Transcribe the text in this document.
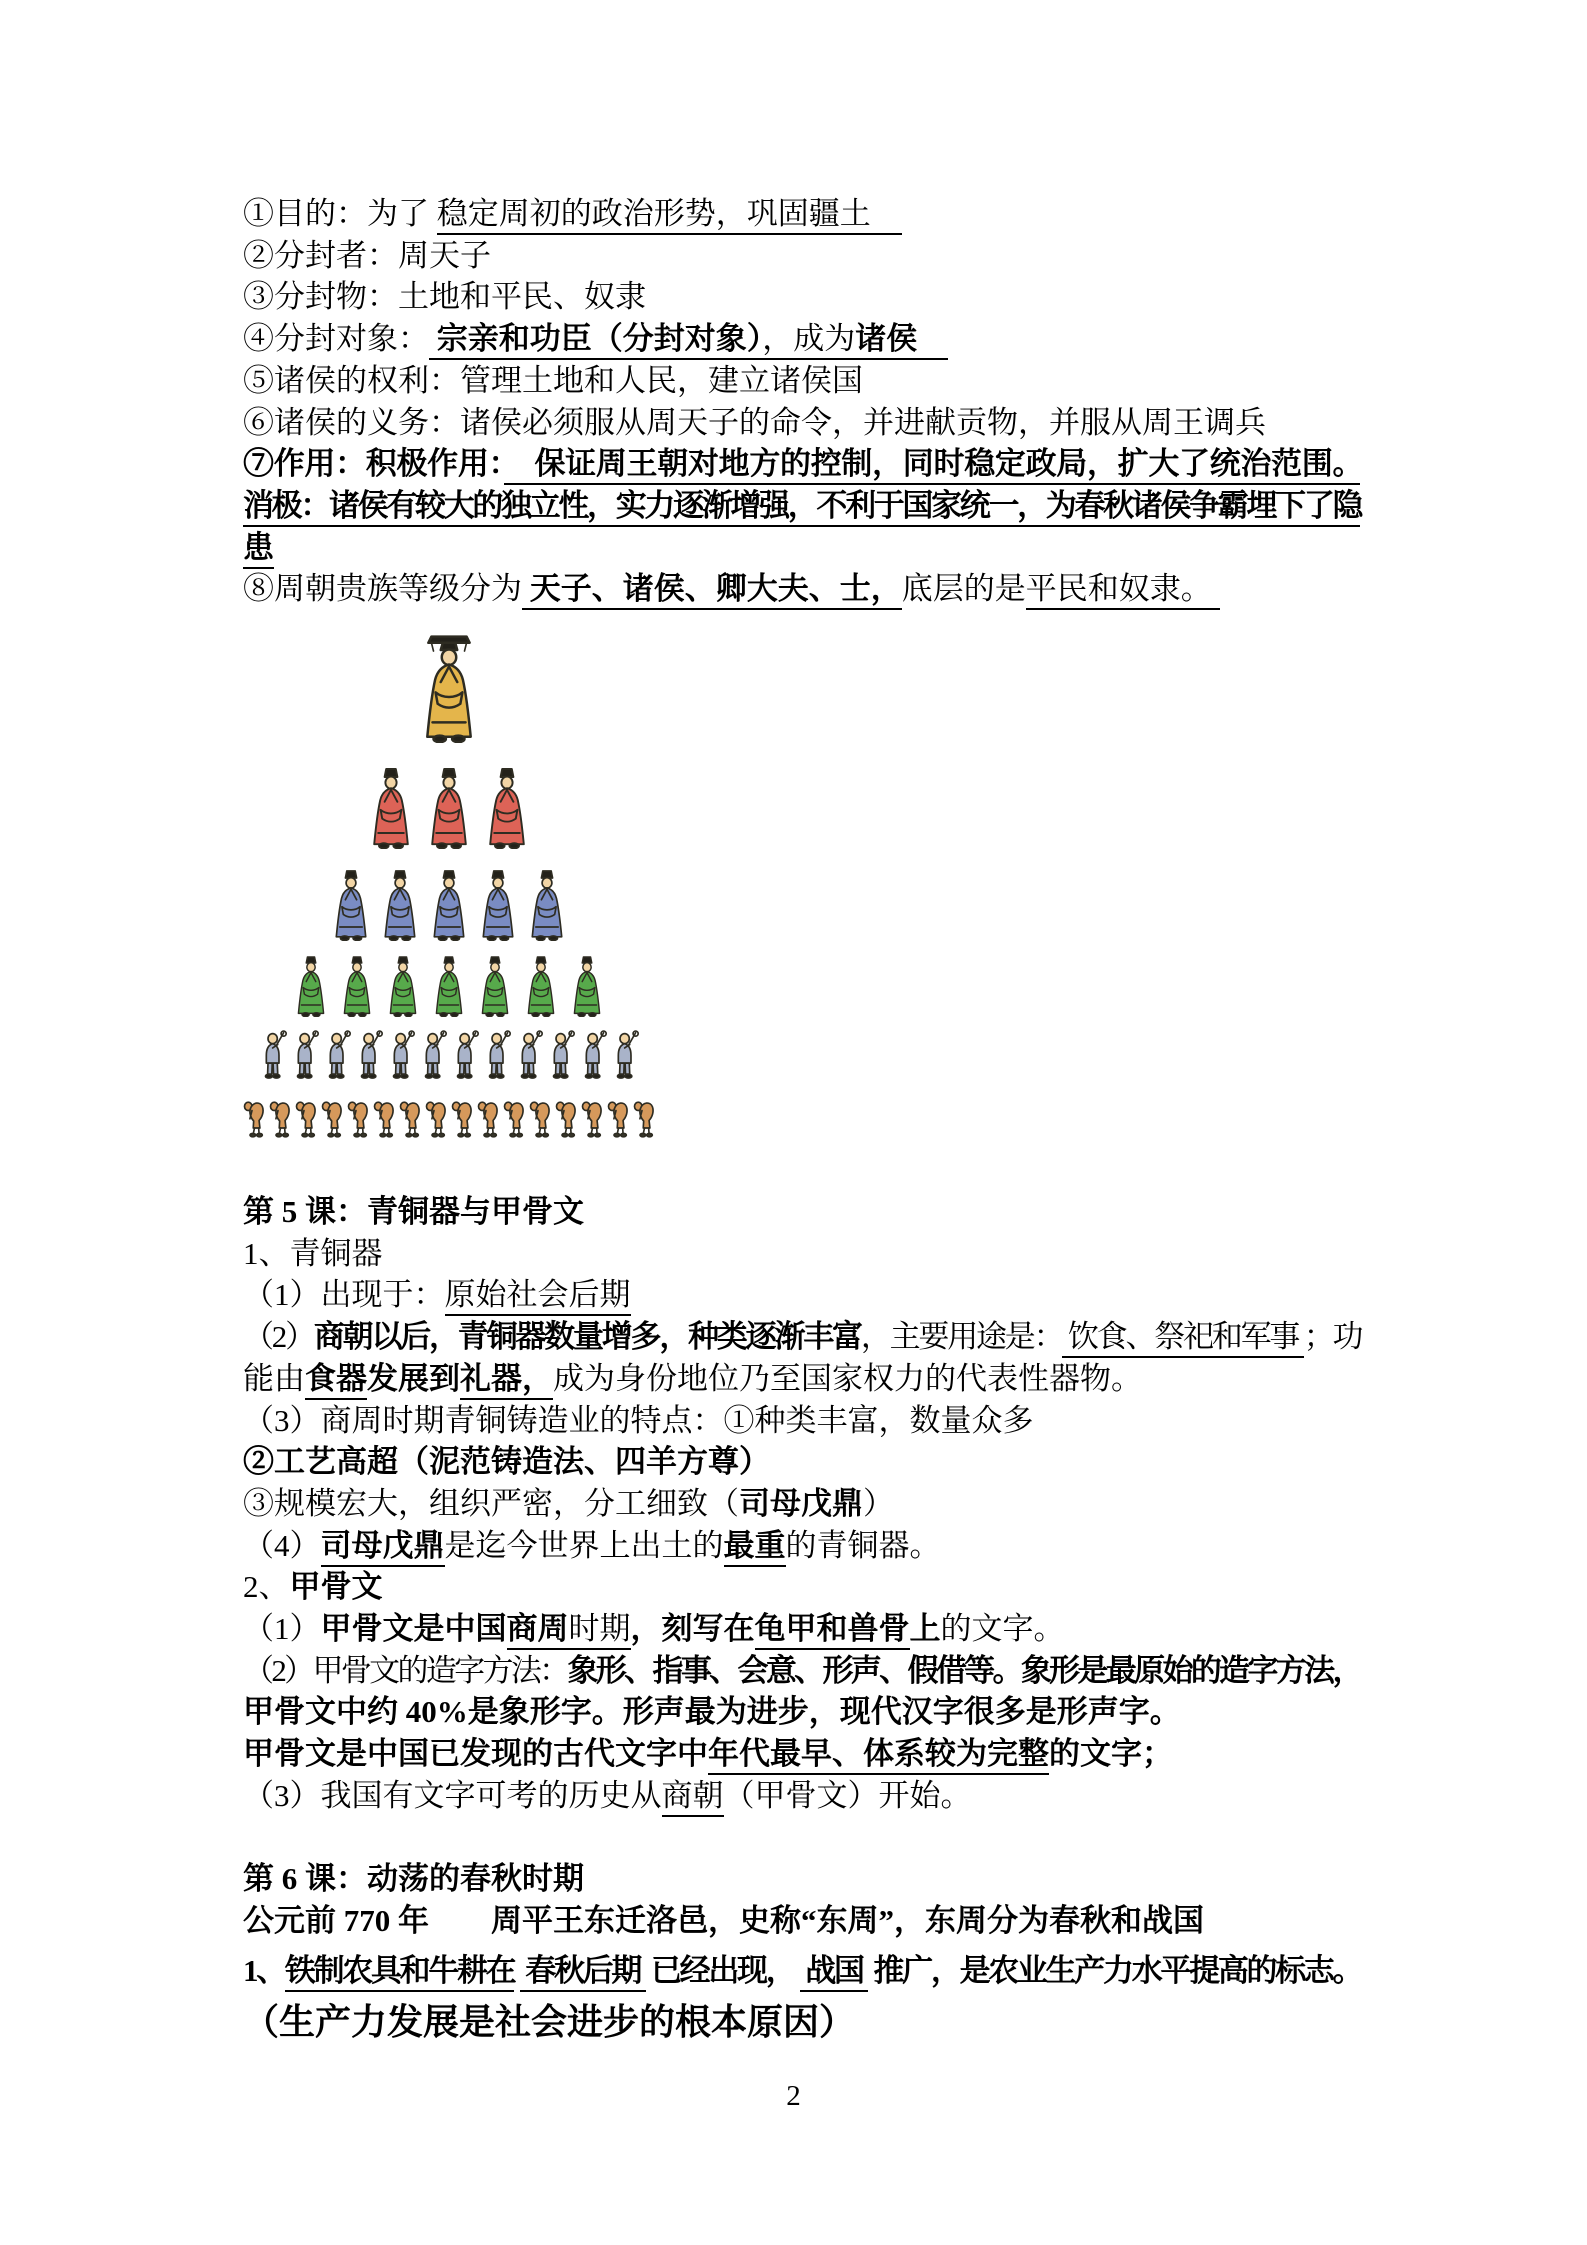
①目的：为了 稳定周初的政治形势，巩固疆土　
②分封者：周天子
③分封物：土地和平民、奴隶
④分封对象： 宗亲和功臣（分封对象），成为诸侯　
⑤诸侯的权利：管理土地和人民，建立诸侯国
⑥诸侯的义务：诸侯必须服从周天子的命令，并进献贡物，并服从周王调兵
⑦作用：积极作用：　 保证周王朝对地方的控制，同时稳定政局，扩大了统治范围。
消极：诸侯有较大的独立性，实力逐渐增强，不利于国家统一，为春秋诸侯争霸埋下了隐
患
⑧周朝贵族等级分为 天子、诸侯、卿大夫、士，底层的是平民和奴隶。
第 5 课：青铜器与甲骨文
1、青铜器
（1）出现于：原始社会后期
（2）商朝以后，青铜器数量增多，种类逐渐丰富，主要用途是： 饮食、祭祀和军事 ；功
能由食器发展到礼器，成为身份地位乃至国家权力的代表性器物。
（3）商周时期青铜铸造业的特点：①种类丰富，数量众多
②工艺高超（泥范铸造法、四羊方尊）
③规模宏大，组织严密，分工细致（司母戊鼎）
（4）司母戊鼎是迄今世界上出土的最重的青铜器。
2、甲骨文
（1）甲骨文是中国商周时期，刻写在龟甲和兽骨上的文字。
（2）甲骨文的造字方法：象形、指事、会意、形声、假借等。象形是最原始的造字方法，
甲骨文中约 40%是象形字。形声最为进步，现代汉字很多是形声字。
甲骨文是中国已发现的古代文字中年代最早、体系较为完整的文字；
（3）我国有文字可考的历史从商朝（甲骨文）开始。
第 6 课：动荡的春秋时期
公元前 770 年　　周平王东迁洛邑，史称“东周”，东周分为春秋和战国
1、铁制农具和牛耕在  春秋后期  已经出现，  战国  推广，是农业生产力水平提高的标志。
（生产力发展是社会进步的根本原因）
2
